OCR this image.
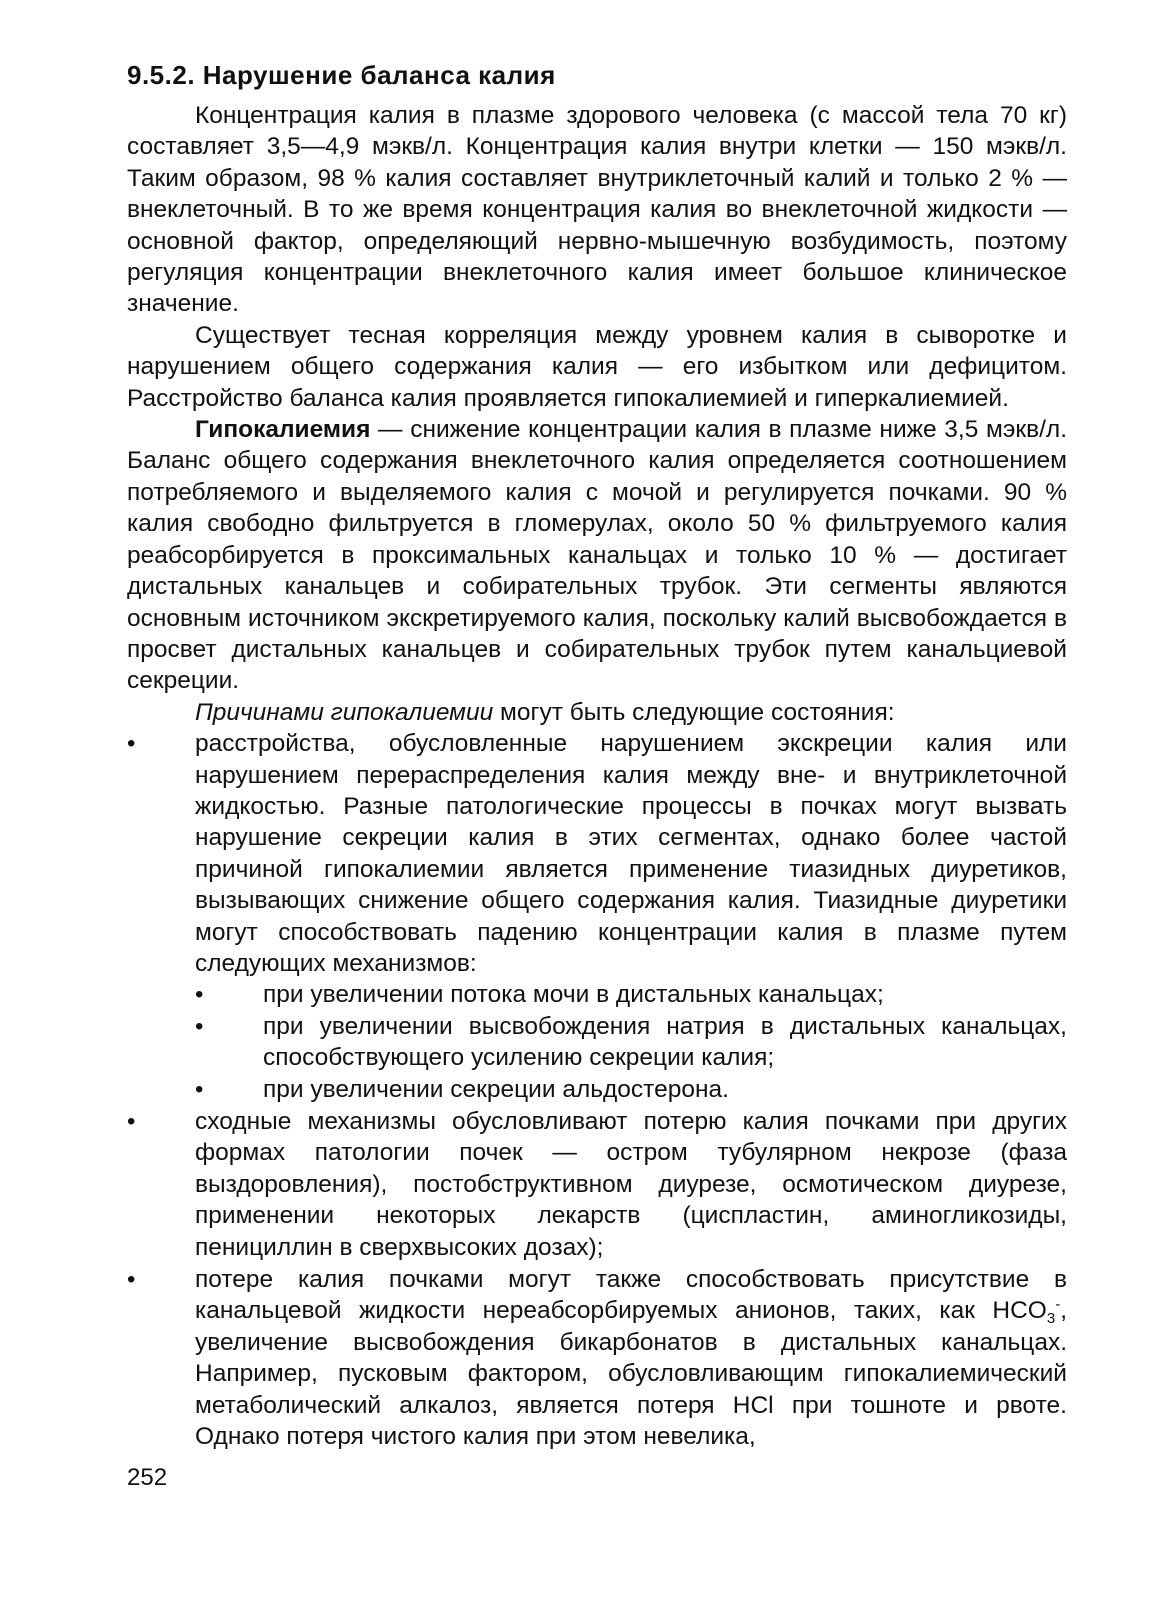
9.5.2. Нарушение баланса калия

Концентрация калия в плазме здорового человека (с массой тела 70 кг) составляет 3,5—4,9 мэкв/л. Концентрация калия внутри клетки — 150 мэкв/л. Таким образом, 98 % калия составляет внутриклеточный калий и только 2 % — внеклеточный. В то же время концентрация калия во внеклеточной жидкости — основной фактор, определяющий нервно-мышечную возбудимость, поэтому регуляция концентрации внеклеточного калия имеет большое клиническое значение.

Существует тесная корреляция между уровнем калия в сыворотке и нарушением общего содержания калия — его избытком или дефицитом. Расстройство баланса калия проявляется гипокалиемией и гиперкалиемией.

Гипокалиемия — снижение концентрации калия в плазме ниже 3,5 мэкв/л. Баланс общего содержания внеклеточного калия определяется соотношением потребляемого и выделяемого калия с мочой и регулируется почками. 90 % калия свободно фильтруется в гломерулах, около 50 % фильтруемого калия реабсорбируется в проксимальных канальцах и только 10 % — достигает дистальных канальцев и собирательных трубок. Эти сегменты являются основным источником экскретируемого калия, поскольку калий высвобождается в просвет дистальных канальцев и собирательных трубок путем канальциевой секреции.

Причинами гипокалиемии могут быть следующие состояния:

• расстройства, обусловленные нарушением экскреции калия или нарушением перераспределения калия между вне- и внутриклеточной жидкостью. Разные патологические процессы в почках могут вызвать нарушение секреции калия в этих сегментах, однако более частой причиной гипокалиемии является применение тиазидных диуретиков, вызывающих снижение общего содержания калия. Тиазидные диуретики могут способствовать падению концентрации калия в плазме путем следующих механизмов:
• при увеличении потока мочи в дистальных канальцах;
• при увеличении высвобождения натрия в дистальных канальцах, способствующего усилению секреции калия;
• при увеличении секреции альдостерона.
• сходные механизмы обусловливают потерю калия почками при других формах патологии почек — остром тубулярном некрозе (фаза выздоровления), постобструктивном диурезе, осмотическом диурезе, применении некоторых лекарств (циспластин, аминогликозиды, пенициллин в сверхвысоких дозах);
• потере калия почками могут также способствовать присутствие в канальцевой жидкости нереабсорбируемых анионов, таких, как $HCO_3^-$, увеличение высвобождения бикарбонатов в дистальных канальцах. Например, пусковым фактором, обусловливающим гипокалиемический метаболический алкалоз, является потеря HCl при тошноте и рвоте. Однако потеря чистого калия при этом невелика,
252
